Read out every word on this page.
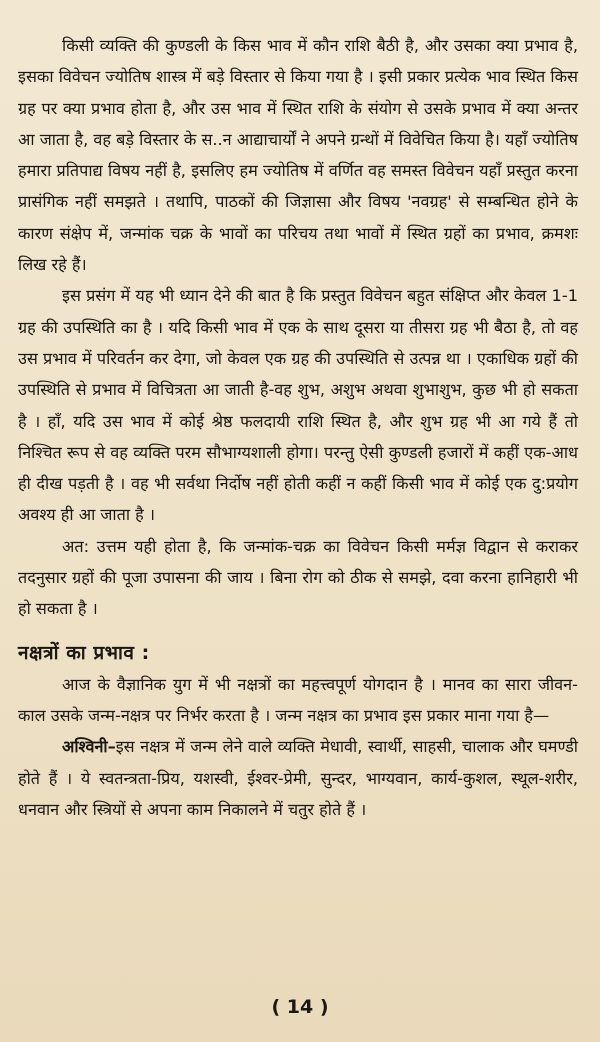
किसी व्यक्ति की कुण्डली के किस भाव में कौन राशि बैठी है, और उसका क्या प्रभाव है, इसका विवेचन ज्योतिष शास्त्र में बड़े विस्तार से किया गया है । इसी प्रकार प्रत्येक भाव स्थित किस ग्रह पर क्या प्रभाव होता है, और उस भाव में स्थित राशि के संयोग से उसके प्रभाव में क्या अन्तर आ जाता है, वह बड़े विस्तार के स..न आद्याचार्यों ने अपने ग्रन्थों में विवेचित किया है। यहाँ ज्योतिष हमारा प्रतिपाद्य विषय नहीं है, इसलिए हम ज्योतिष में वर्णित वह समस्त विवेचन यहाँ प्रस्तुत करना प्रासंगिक नहीं समझते । तथापि, पाठकों की जिज्ञासा और विषय 'नवग्रह' से सम्बन्धित होने के कारण संक्षेप में, जन्मांक चक्र के भावों का परिचय तथा भावों में स्थित ग्रहों का प्रभाव, क्रमशः लिख रहे हैं।

इस प्रसंग में यह भी ध्यान देने की बात है कि प्रस्तुत विवेचन बहुत संक्षिप्त और केवल 1-1 ग्रह की उपस्थिति का है । यदि किसी भाव में एक के साथ दूसरा या तीसरा ग्रह भी बैठा है, तो वह उस प्रभाव में परिवर्तन कर देगा, जो केवल एक ग्रह की उपस्थिति से उत्पन्न था । एकाधिक ग्रहों की उपस्थिति से प्रभाव में विचित्रता आ जाती है-वह शुभ, अशुभ अथवा शुभाशुभ, कुछ भी हो सकता है । हाँ, यदि उस भाव में कोई श्रेष्ठ फलदायी राशि स्थित है, और शुभ ग्रह भी आ गये हैं तो निश्चित रूप से वह व्यक्ति परम सौभाग्यशाली होगा। परन्तु ऐसी कुण्डली हजारों में कहीं एक-आध ही दीख पड़ती है । वह भी सर्वथा निर्दोष नहीं होती कहीं न कहीं किसी भाव में कोई एक दु:प्रयोग अवश्य ही आ जाता है ।

अत: उत्तम यही होता है, कि जन्मांक-चक्र का विवेचन किसी मर्मज्ञ विद्वान से कराकर तदनुसार ग्रहों की पूजा उपासना की जाय । बिना रोग को ठीक से समझे, दवा करना हानिहारी भी हो सकता है ।

नक्षत्रों का प्रभाव :

आज के वैज्ञानिक युग में भी नक्षत्रों का महत्त्वपूर्ण योगदान है । मानव का सारा जीवन-काल उसके जन्म-नक्षत्र पर निर्भर करता है । जन्म नक्षत्र का प्रभाव इस प्रकार माना गया है—

अश्विनी–इस नक्षत्र में जन्म लेने वाले व्यक्ति मेधावी, स्वार्थी, साहसी, चालाक और घमण्डी होते हैं । ये स्वतन्त्रता-प्रिय, यशस्वी, ईश्वर-प्रेमी, सुन्दर, भाग्यवान, कार्य-कुशल, स्थूल-शरीर, धनवान और स्त्रियों से अपना काम निकालने में चतुर होते हैं ।

( 14 )
